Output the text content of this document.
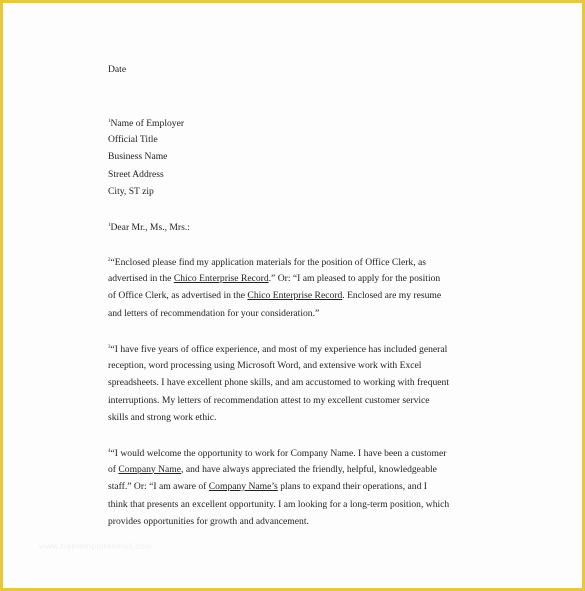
Date
$^1$Name of Employer
Official Title
Business Name
Street Address
City, ST zip
$^1$Dear Mr., Ms., Mrs.:
$^2$“Enclosed please find my application materials for the position of Office Clerk, as
advertised in the Chico Enterprise Record.” Or: “I am pleased to apply for the position
of Office Clerk, as advertised in the Chico Enterprise Record. Enclosed are my resume
and letters of recommendation for your consideration.”
$^3$“I have five years of office experience, and most of my experience has included general
reception, word processing using Microsoft Word, and extensive work with Excel
spreadsheets. I have excellent phone skills, and am accustomed to working with frequent
interruptions. My letters of recommendation attest to my excellent customer service
skills and strong work ethic.
$^4$“I would welcome the opportunity to work for Company Name. I have been a customer
of Company Name, and have always appreciated the friendly, helpful, knowledgeable
staff.” Or: “I am aware of Company Name’s plans to expand their operations, and I
think that presents an excellent opportunity. I am looking for a long-term position, which
provides opportunities for growth and advancement.
www.freetemplatesmail.com
